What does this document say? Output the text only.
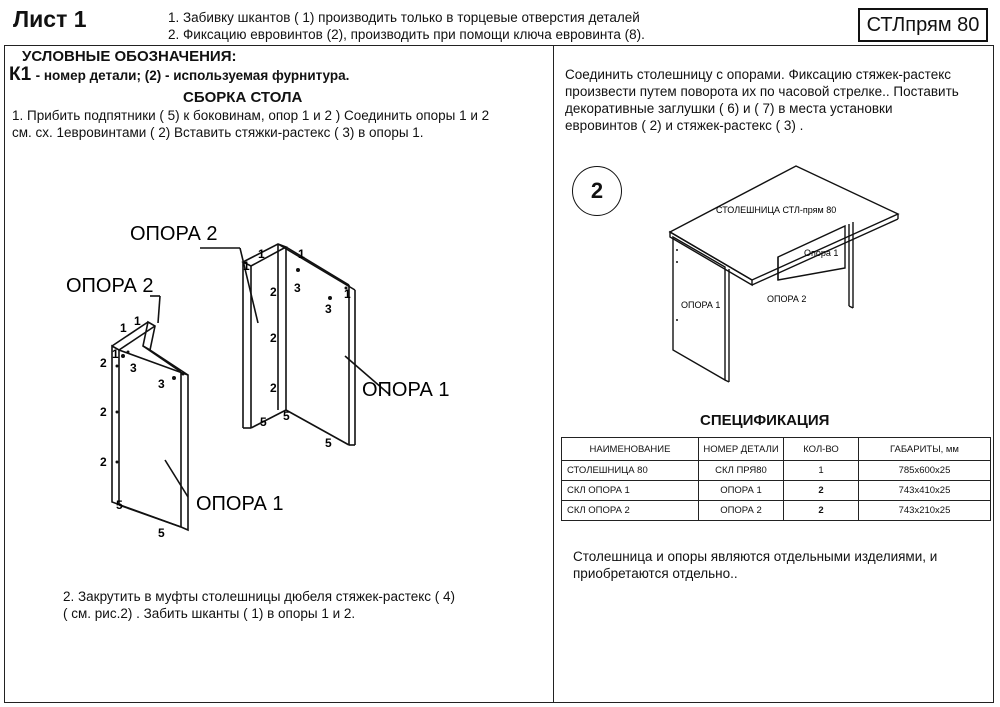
Лист 1	1. Забивку шкантов ( 1) производить только в торцевые отверстия деталей
2. Фиксацию евровинтов (2), производить при помощи ключа евровинта (8).	СТЛпрям 80
УСЛОВНЫЕ ОБОЗНАЧЕНИЯ:
К1 - номер детали; (2) - используемая фурнитура.
СБОРКА СТОЛА
1. Прибить подпятники ( 5) к боковинам, опор 1 и 2 ) Соединить опоры 1 и 2
см. сх. 1евровинтами ( 2) Вставить стяжки-растекс ( 3) в опоры 1.
2. Закрутить в муфты столешницы дюбеля стяжек-растекс ( 4)
( см. рис.2) . Забить шканты ( 1) в опоры 1 и 2.
ОПОРА 2
ОПОРА 2
ОПОРА 1
ОПОРА 1
1 1
1
2
2
2
3
3
5
5
1	1
1
1
2
2
2
3
3
5 5
5
Соединить столешницу с опорами. Фиксацию стяжек-растекс
произвести путем поворота их по часовой стрелке.. Поставить
декоративные заглушки ( 6) и ( 7) в места установки
евровинтов ( 2) и стяжек-растекс ( 3) .
2
СТОЛЕШНИЦА СТЛ-прям 80
ОПОРА 1
Опора 1
ОПОРА 2
СПЕЦИФИКАЦИЯ
НАИМЕНОВАНИЕ	НОМЕР ДЕТАЛИ	КОЛ-ВО	ГАБАРИТЫ, мм
СТОЛЕШНИЦА 80	СКЛ ПРЯ80	1	785х600х25
СКЛ ОПОРА 1	ОПОРА 1	2	743х410х25
СКЛ ОПОРА 2	ОПОРА 2	2	743х210х25
Столешница и опоры являются отдельными изделиями, и
приобретаются отдельно..
